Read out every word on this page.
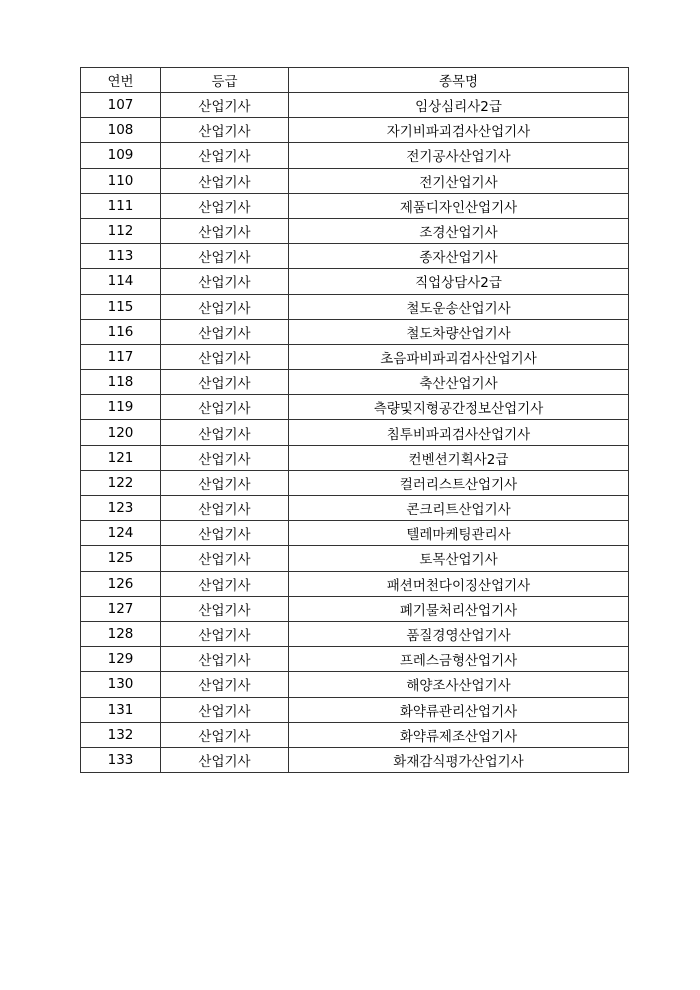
연번	등급	종목명
107	산업기사	임상심리사2급
108	산업기사	자기비파괴검사산업기사
109	산업기사	전기공사산업기사
110	산업기사	전기산업기사
111	산업기사	제품디자인산업기사
112	산업기사	조경산업기사
113	산업기사	종자산업기사
114	산업기사	직업상담사2급
115	산업기사	철도운송산업기사
116	산업기사	철도차량산업기사
117	산업기사	초음파비파괴검사산업기사
118	산업기사	축산산업기사
119	산업기사	측량및지형공간정보산업기사
120	산업기사	침투비파괴검사산업기사
121	산업기사	컨벤션기획사2급
122	산업기사	컬러리스트산업기사
123	산업기사	콘크리트산업기사
124	산업기사	텔레마케팅관리사
125	산업기사	토목산업기사
126	산업기사	패션머천다이징산업기사
127	산업기사	폐기물처리산업기사
128	산업기사	품질경영산업기사
129	산업기사	프레스금형산업기사
130	산업기사	해양조사산업기사
131	산업기사	화약류관리산업기사
132	산업기사	화약류제조산업기사
133	산업기사	화재감식평가산업기사
